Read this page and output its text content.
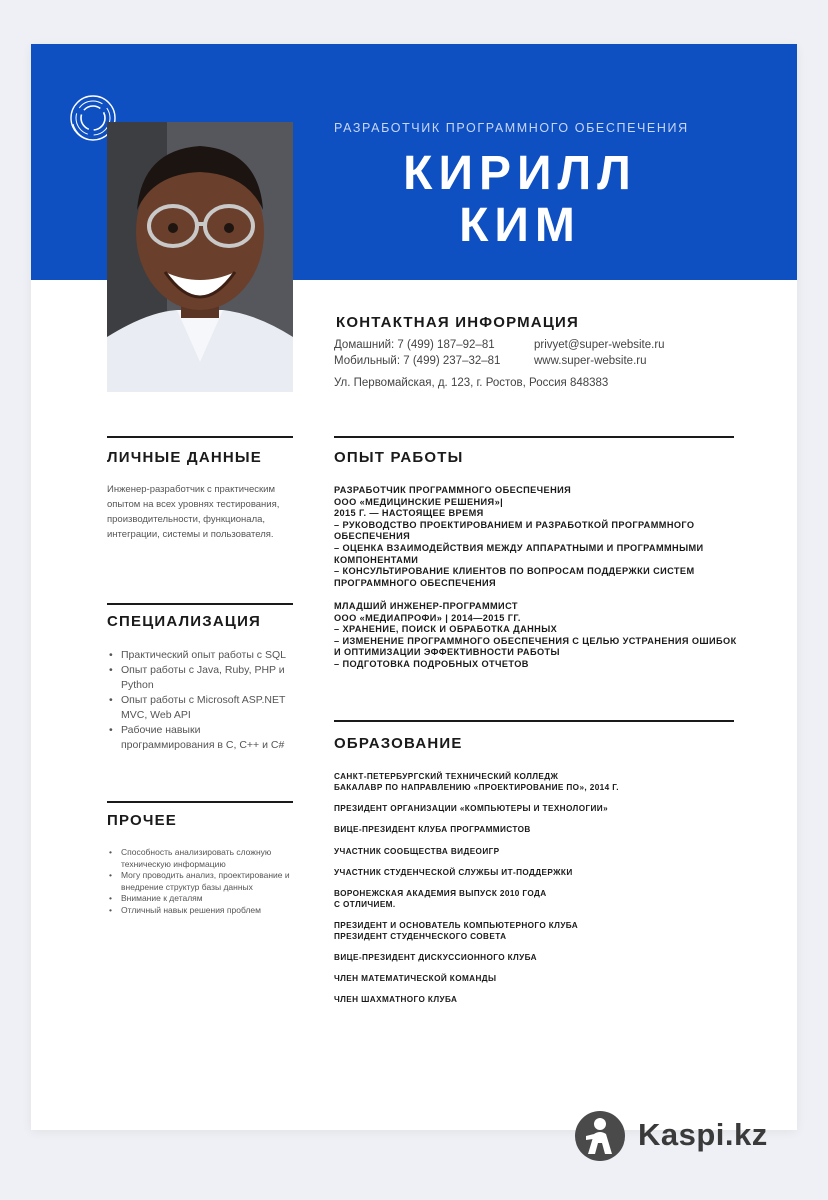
РАЗРАБОТЧИК ПРОГРАММНОГО ОБЕСПЕЧЕНИЯ
КИРИЛЛ
КИМ
КОНТАКТНАЯ ИНФОРМАЦИЯ
Домашний: 7 (499) 187–92–81
Мобильный: 7 (499) 237–32–81
privyet@super-website.ru
www.super-website.ru
Ул. Первомайская, д. 123, г. Ростов, Россия 848383
ЛИЧНЫЕ ДАННЫЕ
Инженер-разработчик с практическим
опытом на всех уровнях тестирования,
производительности, функционала,
интеграции, системы и пользователя.
СПЕЦИАЛИЗАЦИЯ
• Практический опыт работы с SQL
• Опыт работы с Java, Ruby, PHP и
Python
• Опыт работы с Microsoft ASP.NET
MVC, Web API
• Рабочие навыки
программирования в C, C++ и C#
ПРОЧЕЕ
• Способность анализировать сложную
техническую информацию
• Могу проводить анализ, проектирование и
внедрение структур базы данных
• Внимание к деталям
• Отличный навык решения проблем
ОПЫТ РАБОТЫ
РАЗРАБОТЧИК ПРОГРАММНОГО ОБЕСПЕЧЕНИЯ
ООО «МЕДИЦИНСКИЕ РЕШЕНИЯ»|
2015 Г. — НАСТОЯЩЕЕ ВРЕМЯ
– РУКОВОДСТВО ПРОЕКТИРОВАНИЕМ И РАЗРАБОТКОЙ ПРОГРАММНОГО
ОБЕСПЕЧЕНИЯ
– ОЦЕНКА ВЗАИМОДЕЙСТВИЯ МЕЖДУ АППАРАТНЫМИ И ПРОГРАММНЫМИ
КОМПОНЕНТАМИ
– КОНСУЛЬТИРОВАНИЕ КЛИЕНТОВ ПО ВОПРОСАМ ПОДДЕРЖКИ СИСТЕМ
ПРОГРАММНОГО ОБЕСПЕЧЕНИЯ
МЛАДШИЙ ИНЖЕНЕР-ПРОГРАММИСТ
ООО «МЕДИАПРОФИ» | 2014—2015 ГГ.
– ХРАНЕНИЕ, ПОИСК И ОБРАБОТКА ДАННЫХ
– ИЗМЕНЕНИЕ ПРОГРАММНОГО ОБЕСПЕЧЕНИЯ С ЦЕЛЬЮ УСТРАНЕНИЯ ОШИБОК
И ОПТИМИЗАЦИИ ЭФФЕКТИВНОСТИ РАБОТЫ
– ПОДГОТОВКА ПОДРОБНЫХ ОТЧЕТОВ
ОБРАЗОВАНИЕ
САНКТ-ПЕТЕРБУРГСКИЙ ТЕХНИЧЕСКИЙ КОЛЛЕДЖ
БАКАЛАВР ПО НАПРАВЛЕНИЮ «ПРОЕКТИРОВАНИЕ ПО», 2014 Г.
ПРЕЗИДЕНТ ОРГАНИЗАЦИИ «КОМПЬЮТЕРЫ И ТЕХНОЛОГИИ»
ВИЦЕ-ПРЕЗИДЕНТ КЛУБА ПРОГРАММИСТОВ
УЧАСТНИК СООБЩЕСТВА ВИДЕОИГР
УЧАСТНИК СТУДЕНЧЕСКОЙ СЛУЖБЫ ИТ-ПОДДЕРЖКИ
ВОРОНЕЖСКАЯ АКАДЕМИЯ ВЫПУСК 2010 ГОДА
С ОТЛИЧИЕМ.
ПРЕЗИДЕНТ И ОСНОВАТЕЛЬ КОМПЬЮТЕРНОГО КЛУБА
ПРЕЗИДЕНТ СТУДЕНЧЕСКОГО СОВЕТА
ВИЦЕ-ПРЕЗИДЕНТ ДИСКУССИОННОГО КЛУБА
ЧЛЕН МАТЕМАТИЧЕСКОЙ КОМАНДЫ
ЧЛЕН ШАХМАТНОГО КЛУБА
Kaspi.kz
